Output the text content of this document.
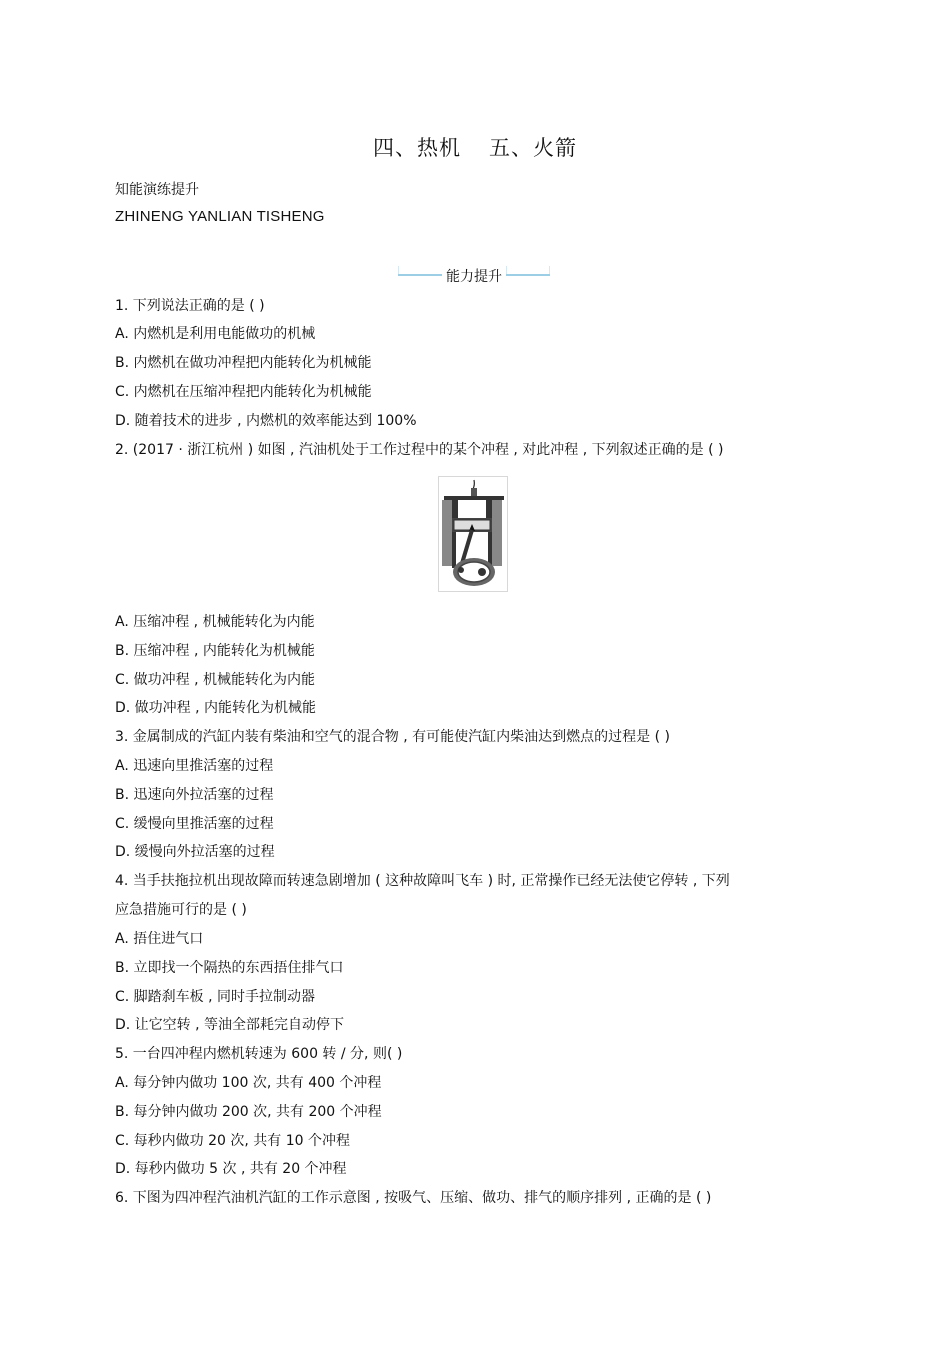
四、热机 五、火箭
知能演练提升
ZHINENG YANLIAN TISHENG
能力提升
1. 下列说法正确的是 ( )
A. 内燃机是利用电能做功的机械
B. 内燃机在做功冲程把内能转化为机械能
C. 内燃机在压缩冲程把内能转化为机械能
D. 随着技术的进步 , 内燃机的效率能达到 100%
2. (2017 · 浙江杭州 ) 如图 , 汽油机处于工作过程中的某个冲程 , 对此冲程 , 下列叙述正确的是 ( )
A. 压缩冲程 , 机械能转化为内能
B. 压缩冲程 , 内能转化为机械能
C. 做功冲程 , 机械能转化为内能
D. 做功冲程 , 内能转化为机械能
3. 金属制成的汽缸内装有柴油和空气的混合物 , 有可能使汽缸内柴油达到燃点的过程是 ( )
A. 迅速向里推活塞的过程
B. 迅速向外拉活塞的过程
C. 缓慢向里推活塞的过程
D. 缓慢向外拉活塞的过程
4. 当手扶拖拉机出现故障而转速急剧增加 ( 这种故障叫飞车 ) 时, 正常操作已经无法使它停转 , 下列
应急措施可行的是 ( )
A. 捂住进气口
B. 立即找一个隔热的东西捂住排气口
C. 脚踏刹车板 , 同时手拉制动器
D. 让它空转 , 等油全部耗完自动停下
5. 一台四冲程内燃机转速为 600 转 / 分, 则( )
A. 每分钟内做功 100 次, 共有 400 个冲程
B. 每分钟内做功 200 次, 共有 200 个冲程
C. 每秒内做功 20 次, 共有 10 个冲程
D. 每秒内做功 5 次 , 共有 20 个冲程
6. 下图为四冲程汽油机汽缸的工作示意图 , 按吸气、压缩、做功、排气的顺序排列 , 正确的是 ( )
